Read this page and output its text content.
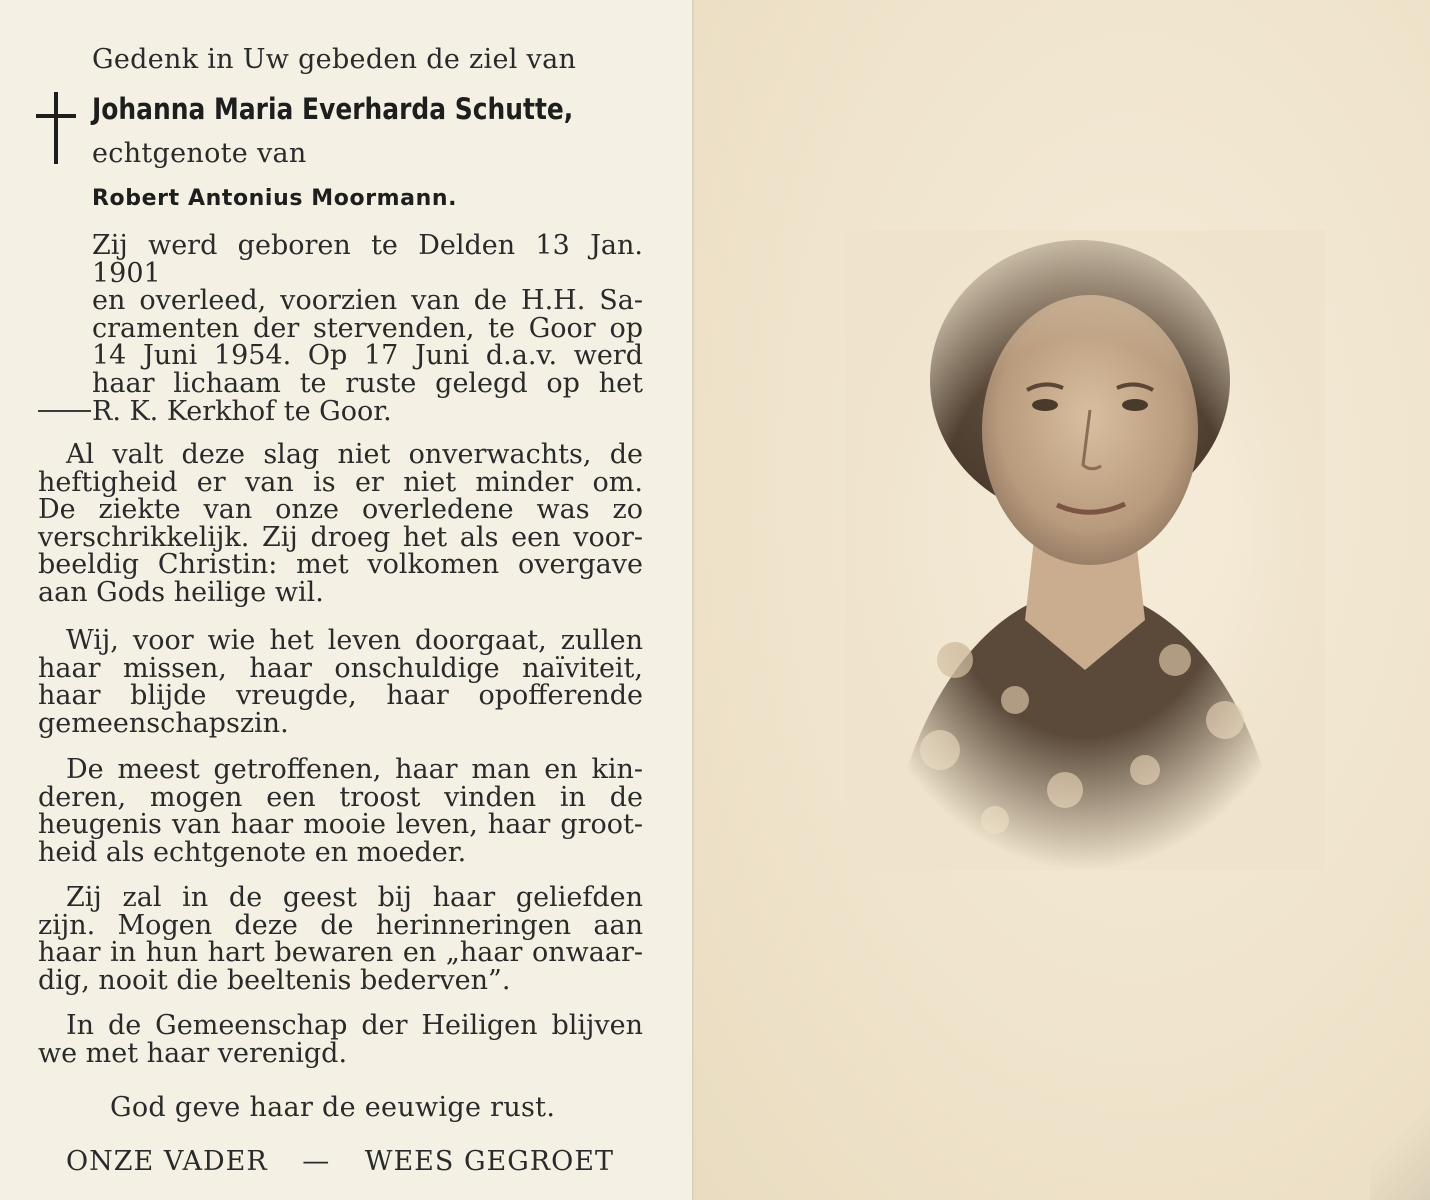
Gedenk in Uw gebeden de ziel van
Johanna Maria Everharda Schutte,
echtgenote van
Robert Antonius Moormann.
Zij werd geboren te Delden 13 Jan. 1901
en overleed, voorzien van de H.H. Sa-
cramenten der stervenden, te Goor op
14 Juni 1954. Op 17 Juni d.a.v. werd
haar lichaam te ruste gelegd op het
R. K. Kerkhof te Goor.
Al valt deze slag niet onverwachts, de
heftigheid er van is er niet minder om.
De ziekte van onze overledene was zo
verschrikkelijk. Zij droeg het als een voor-
beeldig Christin: met volkomen overgave
aan Gods heilige wil.
Wij, voor wie het leven doorgaat, zullen
haar missen, haar onschuldige naïviteit,
haar blijde vreugde, haar opofferende
gemeenschapszin.
De meest getroffenen, haar man en kin-
deren, mogen een troost vinden in de
heugenis van haar mooie leven, haar groot-
heid als echtgenote en moeder.
Zij zal in de geest bij haar geliefden
zijn. Mogen deze de herinneringen aan
haar in hun hart bewaren en „haar onwaar-
dig, nooit die beeltenis bederven”.
In de Gemeenschap der Heiligen blijven
we met haar verenigd.
God geve haar de eeuwige rust.
ONZE VADER — WEES GEGROET
